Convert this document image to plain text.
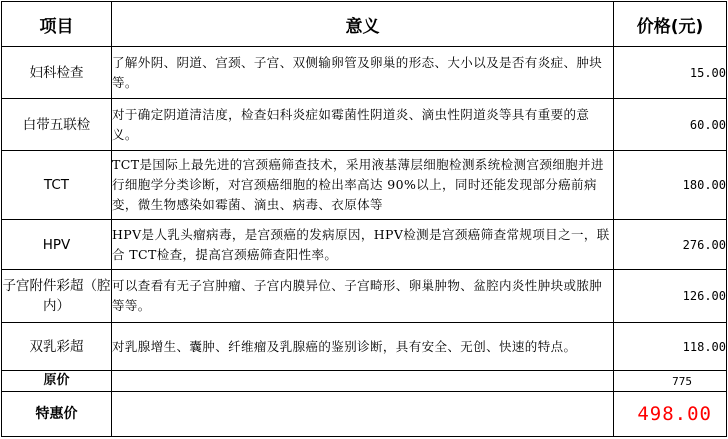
项目	意义	价格(元)
妇科检查	了解外阴、阴道、宫颈、子宫、双侧输卵管及卵巢的形态、大小以及是否有炎症、肿块等。	15.00
白带五联检	对于确定阴道清洁度，检查妇科炎症如霉菌性阴道炎、滴虫性阴道炎等具有重要的意义。	60.00
TCT	TCT是国际上最先进的宫颈癌筛查技术，采用液基薄层细胞检测系统检测宫颈细胞并进行细胞学分类诊断，对宫颈癌细胞的检出率高达 90%以上，同时还能发现部分癌前病变，微生物感染如霉菌、滴虫、病毒、衣原体等	180.00
HPV	HPV是人乳头瘤病毒，是宫颈癌的发病原因，HPV检测是宫颈癌筛查常规项目之一，联合 TCT检查，提高宫颈癌筛查阳性率。	276.00
子宫附件彩超（腔内）	可以查看有无子宫肿瘤、子宫内膜异位、子宫畸形、卵巢肿物、盆腔内炎性肿块或脓肿等等。	126.00
双乳彩超	对乳腺增生、囊肿、纤维瘤及乳腺癌的鉴别诊断，具有安全、无创、快速的特点。	118.00
原价		775
特惠价		498.00
